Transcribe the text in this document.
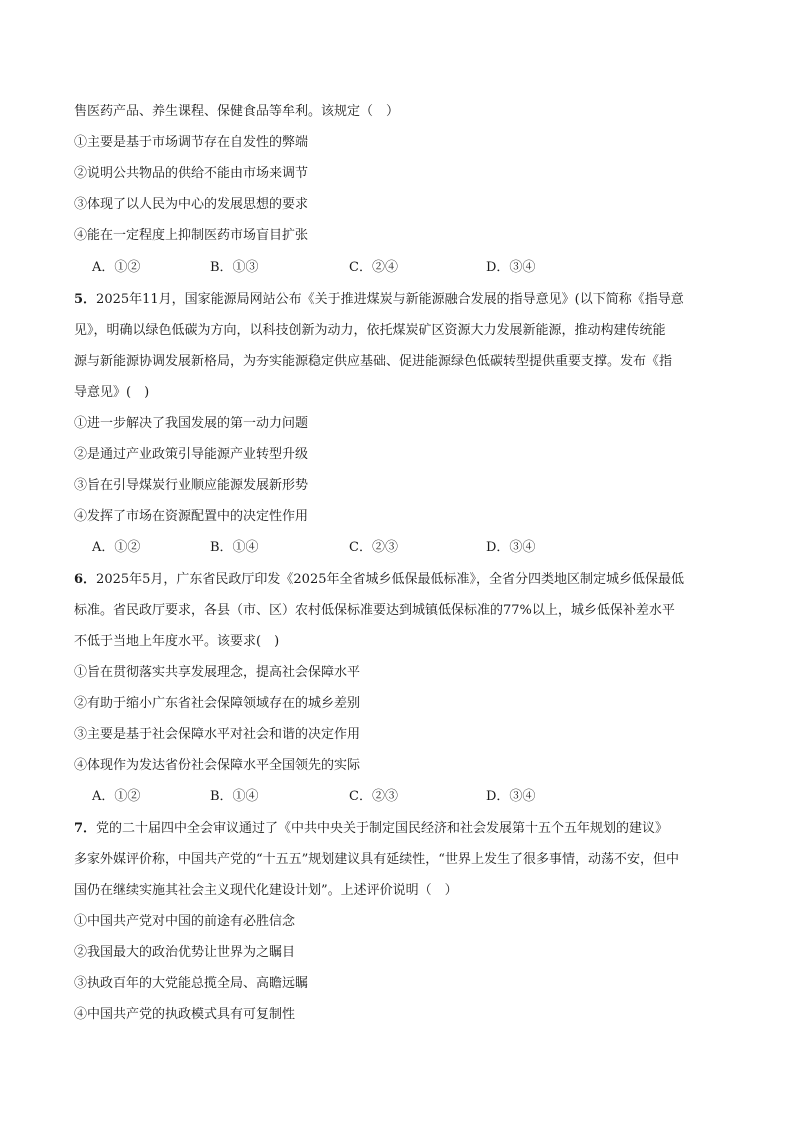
售医药产品、养生课程、保健食品等牟利。该规定（　）
①主要是基于市场调节存在自发性的弊端
②说明公共物品的供给不能由市场来调节
③体现了以人民为中心的发展思想的要求
④能在一定程度上抑制医药市场盲目扩张
A．①②	B．①③	C．②④	D．③④
5．2025年11月，国家能源局网站公布《关于推进煤炭与新能源融合发展的指导意见》(以下简称《指导意
见》，明确以绿色低碳为方向，以科技创新为动力，依托煤炭矿区资源大力发展新能源，推动构建传统能
源与新能源协调发展新格局，为夯实能源稳定供应基础、促进能源绿色低碳转型提供重要支撑。发布《指
导意见》(　)
①进一步解决了我国发展的第一动力问题
②是通过产业政策引导能源产业转型升级
③旨在引导煤炭行业顺应能源发展新形势
④发挥了市场在资源配置中的决定性作用
A．①②	B．①④	C．②③	D．③④
6．2025年5月，广东省民政厅印发《2025年全省城乡低保最低标准》，全省分四类地区制定城乡低保最低
标准。省民政厅要求，各县（市、区）农村低保标准要达到城镇低保标准的77%以上，城乡低保补差水平
不低于当地上年度水平。该要求(　)
①旨在贯彻落实共享发展理念，提高社会保障水平
②有助于缩小广东省社会保障领域存在的城乡差别
③主要是基于社会保障水平对社会和谐的决定作用
④体现作为发达省份社会保障水平全国领先的实际
A．①②	B．①④	C．②③	D．③④
7．党的二十届四中全会审议通过了《中共中央关于制定国民经济和社会发展第十五个五年规划的建议》
多家外媒评价称，中国共产党的“十五五”规划建议具有延续性，“世界上发生了很多事情，动荡不安，但中
国仍在继续实施其社会主义现代化建设计划”。上述评价说明（　）
①中国共产党对中国的前途有必胜信念
②我国最大的政治优势让世界为之瞩目
③执政百年的大党能总揽全局、高瞻远瞩
④中国共产党的执政模式具有可复制性
